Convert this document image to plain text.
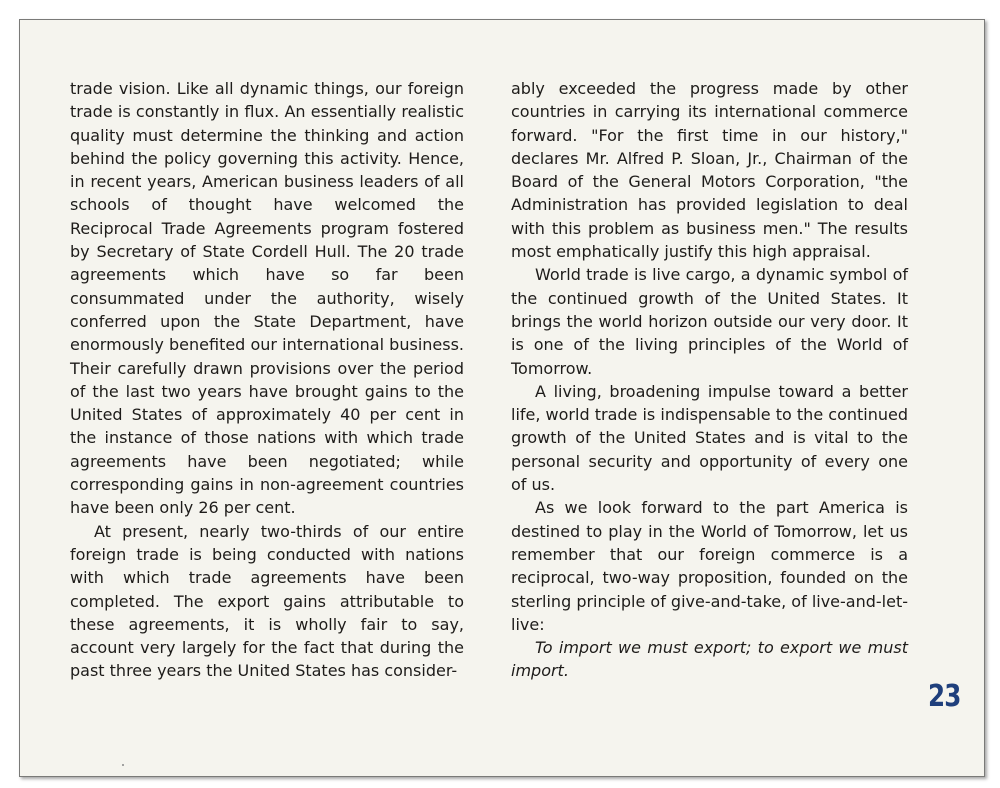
trade vision. Like all dynamic things, our foreign trade is constantly in flux. An essentially realistic quality must determine the thinking and action behind the policy governing this activity. Hence, in recent years, American business leaders of all schools of thought have welcomed the Reciprocal Trade Agreements program fostered by Secretary of State Cordell Hull. The 20 trade agreements which have so far been consummated under the authority, wisely conferred upon the State Department, have enormously benefited our international business. Their carefully drawn provisions over the period of the last two years have brought gains to the United States of approximately 40 per cent in the instance of those nations with which trade agreements have been negotiated; while corresponding gains in non-agreement countries have been only 26 per cent.

At present, nearly two-thirds of our entire foreign trade is being conducted with nations with which trade agreements have been completed. The export gains attributable to these agreements, it is wholly fair to say, account very largely for the fact that during the past three years the United States has consider-

ably exceeded the progress made by other countries in carrying its international commerce forward. "For the first time in our history," declares Mr. Alfred P. Sloan, Jr., Chairman of the Board of the General Motors Corporation, "the Administration has provided legislation to deal with this problem as business men." The results most emphatically justify this high appraisal.

World trade is live cargo, a dynamic symbol of the continued growth of the United States. It brings the world horizon outside our very door. It is one of the living principles of the World of Tomorrow.

A living, broadening impulse toward a better life, world trade is indispensable to the continued growth of the United States and is vital to the personal security and opportunity of every one of us.

As we look forward to the part America is destined to play in the World of Tomorrow, let us remember that our foreign commerce is a reciprocal, two-way proposition, founded on the sterling principle of give-and-take, of live-and-let-live:

To import we must export; to export we must import.

23
